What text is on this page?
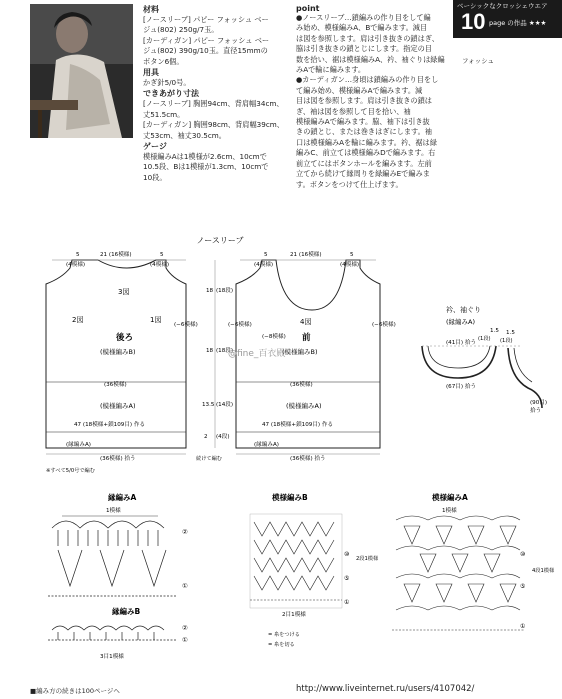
ベーシックなクロッシェウエア
10 page の作品 ★★★
フォッシュ
材料
[ノースリーブ] パピー フォッシュ ベー
ジュ(802) 250g/7玉。
[カーディガン] パピー フォッシュ ベー
ジュ(802) 390g/10玉。直径15mmの
ボタン6個。
用具
かぎ針5/0号。
できあがり寸法
[ノースリーブ] 胸囲94cm、背肩幅34cm、
丈51.5cm。
[カーディガン] 胸囲98cm、背肩幅39cm、
丈53cm、袖丈30.5cm。
ゲージ
模様編みAは1模様が2.6cm、10cmで
10.5段、Bは1模様が1.3cm、10cmで
10段。
point
●ノースリーブ…鎖編みの作り目をして編
み始め、模様編みA、Bで編みます。減目
は図を参照します。肩は引き抜きの鎖はぎ、
脇は引き抜きの鎖とじにします。指定の目
数を拾い、裾は模様編みA、衿、袖ぐりは緑編
みAで輪に編みます。
●カーディガン…身頃は鎖編みの作り目をし
て編み始め、模様編みAで編みます。減
目は図を参照します。肩は引き抜きの鎖は
ぎ、袖は図を参照して目を拾い、袖
模様編みAで編みます。脇、袖下は引き抜
きの鎖とじ、または巻きはぎにします。袖
口は模様編みAを輪に編みます。衿、裾は緑
編みC、前立ては模様編みDで編みます。右
前立てにはボタンホールを編みます。左前
立てから続けて縁周りを緑編みEで編みま
す。ボタンをつけて仕上げます。
ノースリーブ
5
(4模様)
21 (16模様)	5
(4模様)
3図
2図	1図
(−6模様)
後ろ
(模様編みB)
(36模様)
(模様編みA)
47 (18模様+鎖109目) 作る
(縁編みA)
(36模様) 拾う
※すべて5/0号で編む
18 (18段)
18 (18段)
13.5 (14段)
2 (4段)
5
(4模様)
21 (16模様)	5
(4模様)
4図
(−6模様)	(−6模様)
(−8模様) 前
(模様編みB)
(36模様)
(模様編みA)
47 (18模様+鎖109目) 作る
(縁編みA)
(36模様) 拾う
続けて編む
衿、袖ぐり
(縁編みA)
1.5
(1段)
1.5
(1段)
(41目) 拾う
(67目) 拾う
(90目)
拾う
@fine_百衣殿
縁編みA
1模様
②
①
縁編みB
②
①
3目1模様
模様編みB
⑩
⑤
①
2段1模様
2目1模様
= 糸をつける
= 糸を切る
模様編みA
1模様
⑩
⑤
①
4段1模様
■編み方の続きは100ページへ	http://www.liveinternet.ru/users/4107042/
